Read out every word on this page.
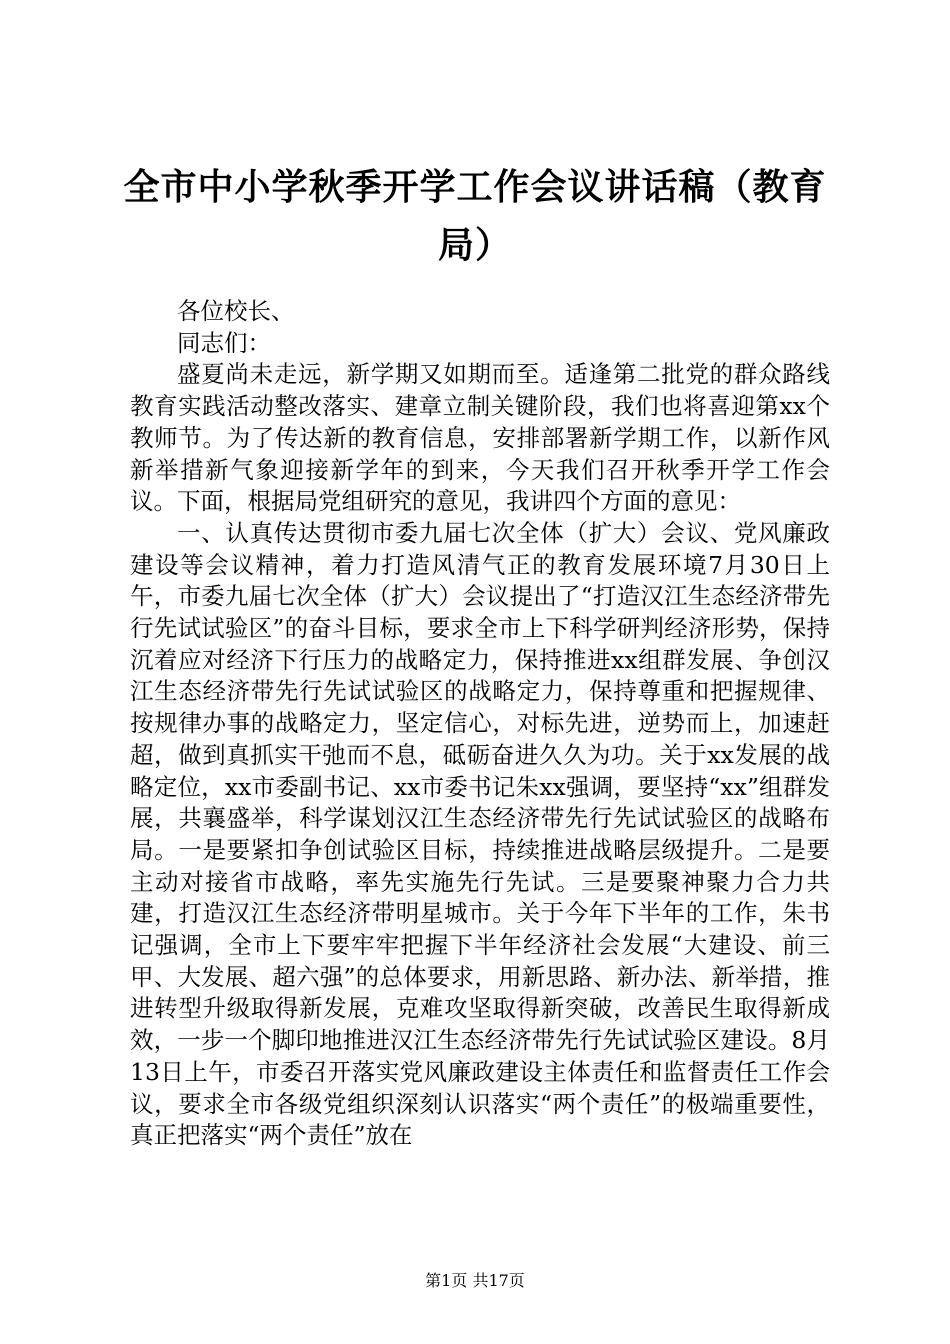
全市中小学秋季开学工作会议讲话稿（教育局）

各位校长、

同志们：

盛夏尚未走远，新学期又如期而至。适逢第二批党的群众路线教育实践活动整改落实、建章立制关键阶段，我们也将喜迎第xx个教师节。为了传达新的教育信息，安排部署新学期工作，以新作风新举措新气象迎接新学年的到来，今天我们召开秋季开学工作会议。下面，根据局党组研究的意见，我讲四个方面的意见：

一、认真传达贯彻市委九届七次全体（扩大）会议、党风廉政建设等会议精神，着力打造风清气正的教育发展环境7月30日上午，市委九届七次全体（扩大）会议提出了“打造汉江生态经济带先行先试试验区”的奋斗目标，要求全市上下科学研判经济形势，保持沉着应对经济下行压力的战略定力，保持推进xx组群发展、争创汉江生态经济带先行先试试验区的战略定力，保持尊重和把握规律、按规律办事的战略定力，坚定信心，对标先进，逆势而上，加速赶超，做到真抓实干弛而不息，砥砺奋进久久为功。关于xx发展的战略定位，xx市委副书记、xx市委书记朱xx强调，要坚持“xx”组群发展，共襄盛举，科学谋划汉江生态经济带先行先试试验区的战略布局。一是要紧扣争创试验区目标，持续推进战略层级提升。二是要主动对接省市战略，率先实施先行先试。三是要聚神聚力合力共建，打造汉江生态经济带明星城市。关于今年下半年的工作，朱书记强调，全市上下要牢牢把握下半年经济社会发展“大建设、前三甲、大发展、超六强”的总体要求，用新思路、新办法、新举措，推进转型升级取得新发展，克难攻坚取得新突破，改善民生取得新成效，一步一个脚印地推进汉江生态经济带先行先试试验区建设。8月13日上午，市委召开落实党风廉政建设主体责任和监督责任工作会议，要求全市各级党组织深刻认识落实“两个责任”的极端重要性，真正把落实“两个责任”放在

第1页 共17页
